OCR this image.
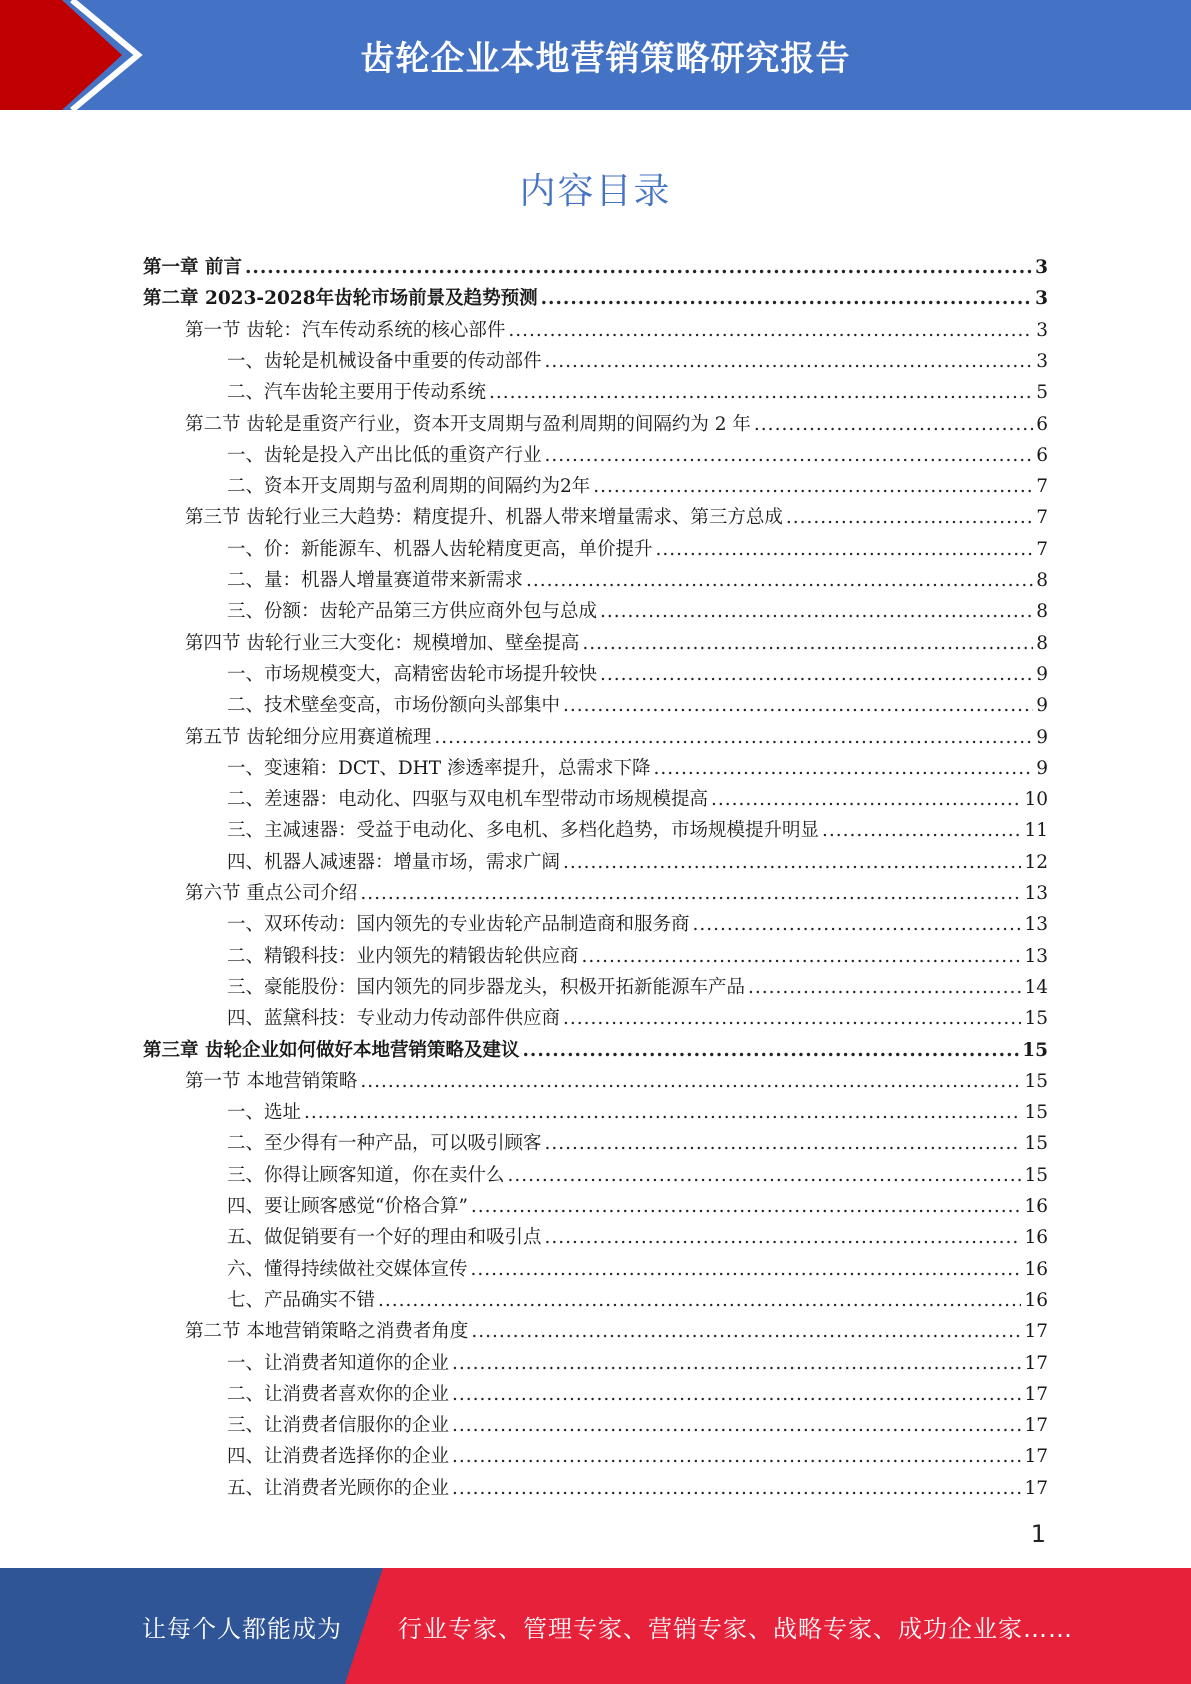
齿轮企业本地营销策略研究报告
内容目录
第一章 前言 .....	3
第二章 2023-2028年齿轮市场前景及趋势预测 .....	3
第一节 齿轮：汽车传动系统的核心部件 .....	3
一、齿轮是机械设备中重要的传动部件 .....	3
二、汽车齿轮主要用于传动系统 .....	5
第二节 齿轮是重资产行业，资本开支周期与盈利周期的间隔约为 2 年 .....	6
一、齿轮是投入产出比低的重资产行业 .....	6
二、资本开支周期与盈利周期的间隔约为2年 .....	7
第三节 齿轮行业三大趋势：精度提升、机器人带来增量需求、第三方总成 .....	7
一、价：新能源车、机器人齿轮精度更高，单价提升 .....	7
二、量：机器人增量赛道带来新需求 .....	8
三、份额：齿轮产品第三方供应商外包与总成 .....	8
第四节 齿轮行业三大变化：规模增加、壁垒提高 .....	8
一、市场规模变大，高精密齿轮市场提升较快 .....	9
二、技术壁垒变高，市场份额向头部集中 .....	9
第五节 齿轮细分应用赛道梳理 .....	9
一、变速箱：DCT、DHT 渗透率提升，总需求下降 .....	9
二、差速器：电动化、四驱与双电机车型带动市场规模提高 .....	10
三、主减速器：受益于电动化、多电机、多档化趋势，市场规模提升明显 .....	11
四、机器人减速器：增量市场，需求广阔 .....	12
第六节 重点公司介绍 .....	13
一、双环传动：国内领先的专业齿轮产品制造商和服务商 .....	13
二、精锻科技：业内领先的精锻齿轮供应商 .....	13
三、豪能股份：国内领先的同步器龙头，积极开拓新能源车产品 .....	14
四、蓝黛科技：专业动力传动部件供应商 .....	15
第三章 齿轮企业如何做好本地营销策略及建议 .....	15
第一节 本地营销策略 .....	15
一、选址 .....	15
二、至少得有一种产品，可以吸引顾客 .....	15
三、你得让顾客知道，你在卖什么 .....	15
四、要让顾客感觉“价格合算” .....	16
五、做促销要有一个好的理由和吸引点 .....	16
六、懂得持续做社交媒体宣传 .....	16
七、产品确实不错 .....	16
第二节 本地营销策略之消费者角度 .....	17
一、让消费者知道你的企业 .....	17
二、让消费者喜欢你的企业 .....	17
三、让消费者信服你的企业 .....	17
四、让消费者选择你的企业 .....	17
五、让消费者光顾你的企业 .....	17
1
让每个人都能成为 行业专家、管理专家、营销专家、战略专家、成功企业家……
